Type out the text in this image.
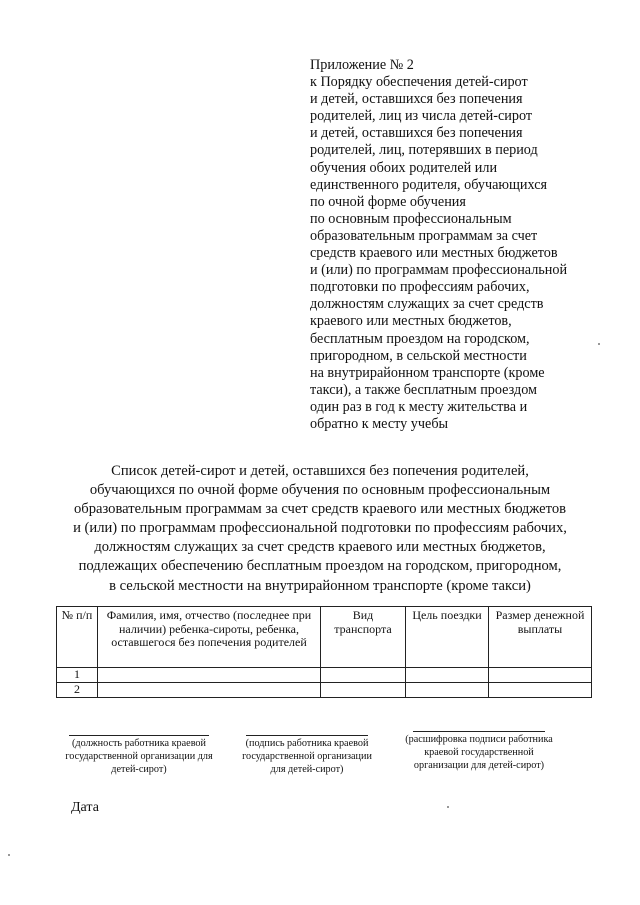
Приложение № 2
к Порядку обеспечения детей-сирот
и детей, оставшихся без попечения
родителей, лиц из числа детей-сирот
и детей, оставшихся без попечения
родителей, лиц, потерявших в период
обучения обоих родителей или
единственного родителя, обучающихся
по очной форме обучения
по основным профессиональным
образовательным программам за счет
средств краевого или местных бюджетов
и (или) по программам профессиональной
подготовки по профессиям рабочих,
должностям служащих за счет средств
краевого или местных бюджетов,
бесплатным проездом на городском,
пригородном, в сельской местности
на внутрирайонном транспорте (кроме
такси), а также бесплатным проездом
один раз в год к месту жительства и
обратно к месту учебы
Список детей-сирот и детей, оставшихся без попечения родителей,
обучающихся по очной форме обучения по основным профессиональным
образовательным программам за счет средств краевого или местных бюджетов
и (или) по программам профессиональной подготовки по профессиям рабочих,
должностям служащих за счет средств краевого или местных бюджетов,
подлежащих обеспечению бесплатным проездом на городском, пригородном,
в сельской местности на внутрирайонном транспорте (кроме такси)
№ п/п	Фамилия, имя, отчество (последнее при наличии) ребенка-сироты, ребенка, оставшегося без попечения родителей	Вид транспорта	Цель поездки	Размер денежной выплаты
1				
2				
(должность работника краевой государственной организации для детей-сирот)
(подпись работника краевой государственной организации для детей-сирот)
(расшифровка подписи работника краевой государственной организации для детей-сирот)
Дата
